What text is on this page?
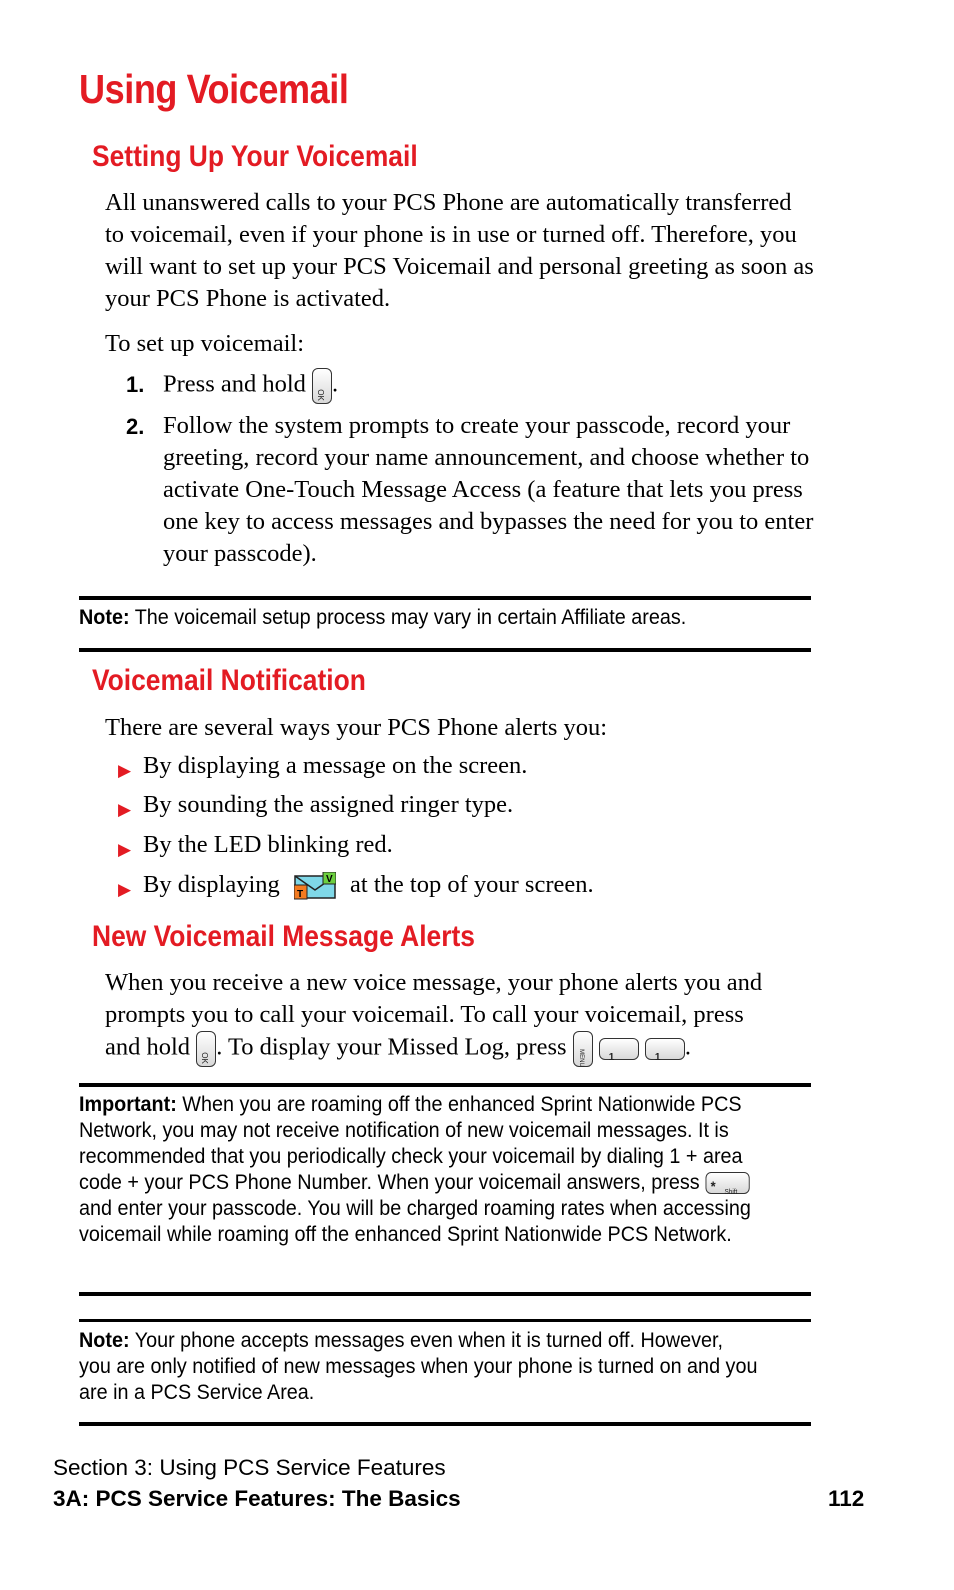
Using Voicemail
Setting Up Your Voicemail
All unanswered calls to your PCS Phone are automatically transferred to voicemail, even if your phone is in use or turned off. Therefore, you will want to set up your PCS Voicemail and personal greeting as soon as your PCS Phone is activated.
To set up voicemail:
1. Press and hold	OK .
2. Follow the system prompts to create your passcode, record your greeting, record your name announcement, and choose whether to activate One-Touch Message Access (a feature that lets you press one key to access messages and bypasses the need for you to enter your passcode).
Note: The voicemail setup process may vary in certain Affiliate areas.
Voicemail Notification
There are several ways your PCS Phone alerts you:
▶ By displaying a message on the screen.
▶ By sounding the assigned ringer type.
▶ By the LED blinking red.
▶ By displaying T
V at the top of your screen.
New Voicemail Message Alerts
When you receive a new voice message, your phone alerts you and
prompts you to call your voicemail. To call your voicemail, press
and hold	OK . To display your Missed Log, press	MENU
	1
	1 .
Important: When you are roaming off the enhanced Sprint Nationwide PCS Network, you may not receive notification of new voicemail messages. It is recommended that you periodically check your voicemail by dialing 1 + area code + your PCS Phone Number. When your voicemail answers, press * Shift
and enter your passcode. You will be charged roaming rates when accessing voicemail while roaming off the enhanced Sprint Nationwide PCS Network.
Note: Your phone accepts messages even when it is turned off. However, you are only notified of new messages when your phone is turned on and you are in a PCS Service Area.
Section 3: Using PCS Service Features
3A: PCS Service Features: The Basics	112
